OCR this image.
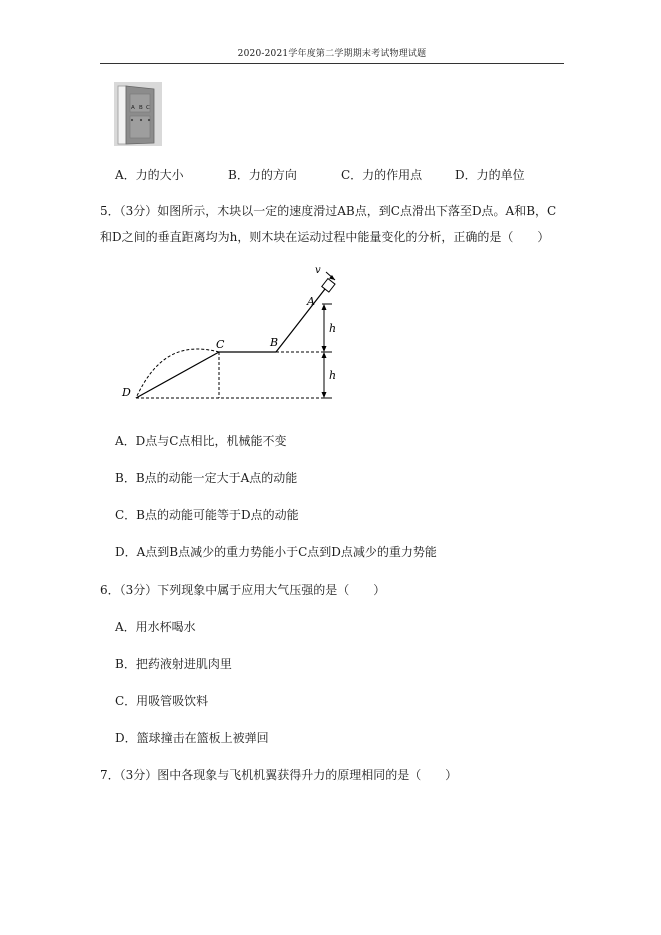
2020-2021学年度第二学期期末考试物理试题
A B C
A．力的大小	B．力的方向	C．力的作用点	D．力的单位
5．（3分）如图所示，木块以一定的速度滑过AB点，到C点滑出下落至D点。A和B，C
和D之间的垂直距离均为h，则木块在运动过程中能量变化的分析，正确的是（　　）
v
A
B
C
D
h
h
A．D点与C点相比，机械能不变
B．B点的动能一定大于A点的动能
C．B点的动能可能等于D点的动能
D．A点到B点减少的重力势能小于C点到D点减少的重力势能
6．（3分）下列现象中属于应用大气压强的是（　　）
A．用水杯喝水
B．把药液射进肌肉里
C．用吸管吸饮料
D．篮球撞击在篮板上被弹回
7．（3分）图中各现象与飞机机翼获得升力的原理相同的是（　　）
